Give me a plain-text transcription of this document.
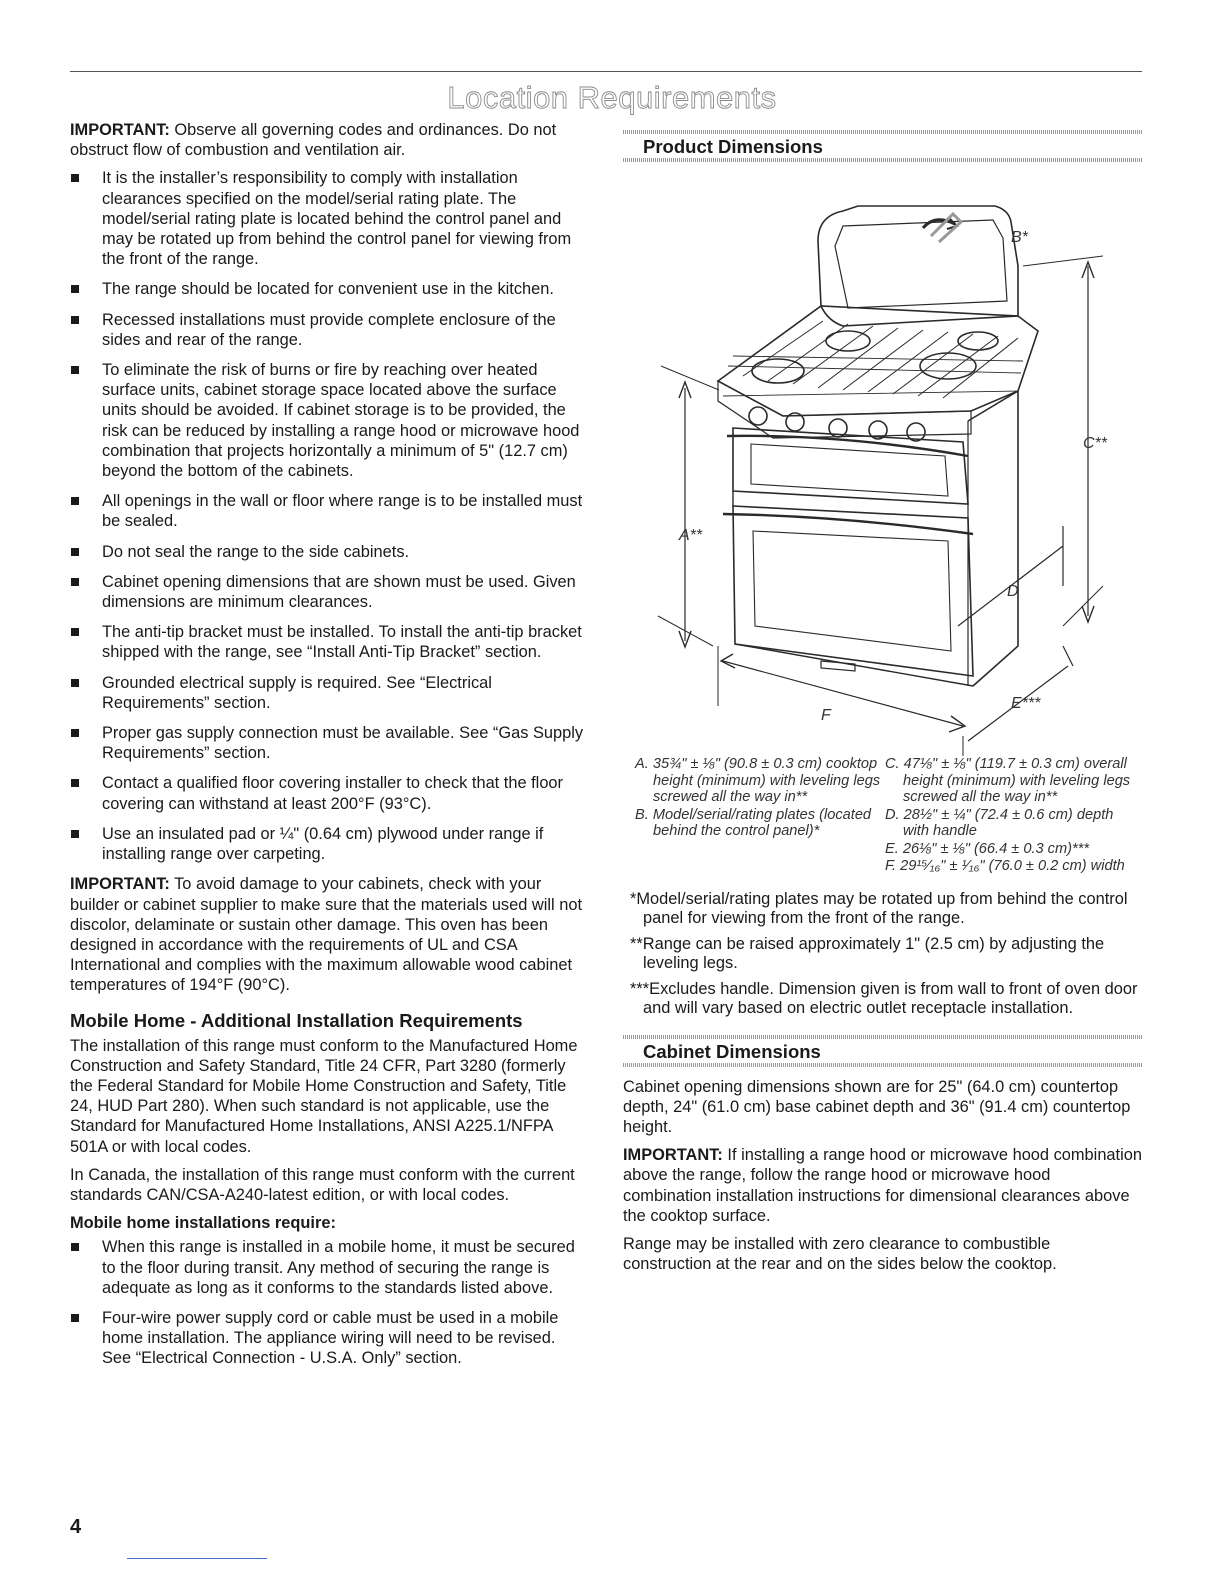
Location Requirements

IMPORTANT: Observe all governing codes and ordinances. Do not obstruct flow of combustion and ventilation air.

It is the installer’s responsibility to comply with installation clearances specified on the model/serial rating plate. The model/serial rating plate is located behind the control panel and may be rotated up from behind the control panel for viewing from the front of the range.
The range should be located for convenient use in the kitchen.
Recessed installations must provide complete enclosure of the sides and rear of the range.
To eliminate the risk of burns or fire by reaching over heated surface units, cabinet storage space located above the surface units should be avoided. If cabinet storage is to be provided, the risk can be reduced by installing a range hood or microwave hood combination that projects horizontally a minimum of 5" (12.7 cm) beyond the bottom of the cabinets.
All openings in the wall or floor where range is to be installed must be sealed.
Do not seal the range to the side cabinets.
Cabinet opening dimensions that are shown must be used. Given dimensions are minimum clearances.
The anti-tip bracket must be installed. To install the anti-tip bracket shipped with the range, see “Install Anti-Tip Bracket” section.
Grounded electrical supply is required. See “Electrical Requirements” section.
Proper gas supply connection must be available. See “Gas Supply Requirements” section.
Contact a qualified floor covering installer to check that the floor covering can withstand at least 200°F (93°C).
Use an insulated pad or ¼" (0.64 cm) plywood under range if installing range over carpeting.

IMPORTANT: To avoid damage to your cabinets, check with your builder or cabinet supplier to make sure that the materials used will not discolor, delaminate or sustain other damage. This oven has been designed in accordance with the requirements of UL and CSA International and complies with the maximum allowable wood cabinet temperatures of 194°F (90°C).

Mobile Home - Additional Installation Requirements

The installation of this range must conform to the Manufactured Home Construction and Safety Standard, Title 24 CFR, Part 3280 (formerly the Federal Standard for Mobile Home Construction and Safety, Title 24, HUD Part 280). When such standard is not applicable, use the Standard for Manufactured Home Installations, ANSI A225.1/NFPA 501A or with local codes.

In Canada, the installation of this range must conform with the current standards CAN/CSA-A240-latest edition, or with local codes.

Mobile home installations require:
When this range is installed in a mobile home, it must be secured to the floor during transit. Any method of securing the range is adequate as long as it conforms to the standards listed above.
Four-wire power supply cord or cable must be used in a mobile home installation. The appliance wiring will need to be revised. See “Electrical Connection - U.S.A. Only” section.
Product Dimensions
B*
C**
A**
D
E***
F
A. 35¾" ± ⅛" (90.8 ± 0.3 cm) cooktop height (minimum) with leveling legs screwed all the way in**
B. Model/serial/rating plates (located behind the control panel)*
C. 47⅛" ± ⅛" (119.7 ± 0.3 cm) overall height (minimum) with leveling legs screwed all the way in**
D. 28½" ± ¼" (72.4 ± 0.6 cm) depth with handle
E. 26⅛" ± ⅛" (66.4 ± 0.3 cm)***
F. 29¹⁵⁄₁₆" ± ¹⁄₁₆" (76.0 ± 0.2 cm) width
*Model/serial/rating plates may be rotated up from behind the control panel for viewing from the front of the range.
**Range can be raised approximately 1" (2.5 cm) by adjusting the leveling legs.
***Excludes handle. Dimension given is from wall to front of oven door and will vary based on electric outlet receptacle installation.
Cabinet Dimensions

Cabinet opening dimensions shown are for 25" (64.0 cm) countertop depth, 24" (61.0 cm) base cabinet depth and 36" (91.4 cm) countertop height.

IMPORTANT: If installing a range hood or microwave hood combination above the range, follow the range hood or microwave hood combination installation instructions for dimensional clearances above the cooktop surface.

Range may be installed with zero clearance to combustible construction at the rear and on the sides below the cooktop.

4
